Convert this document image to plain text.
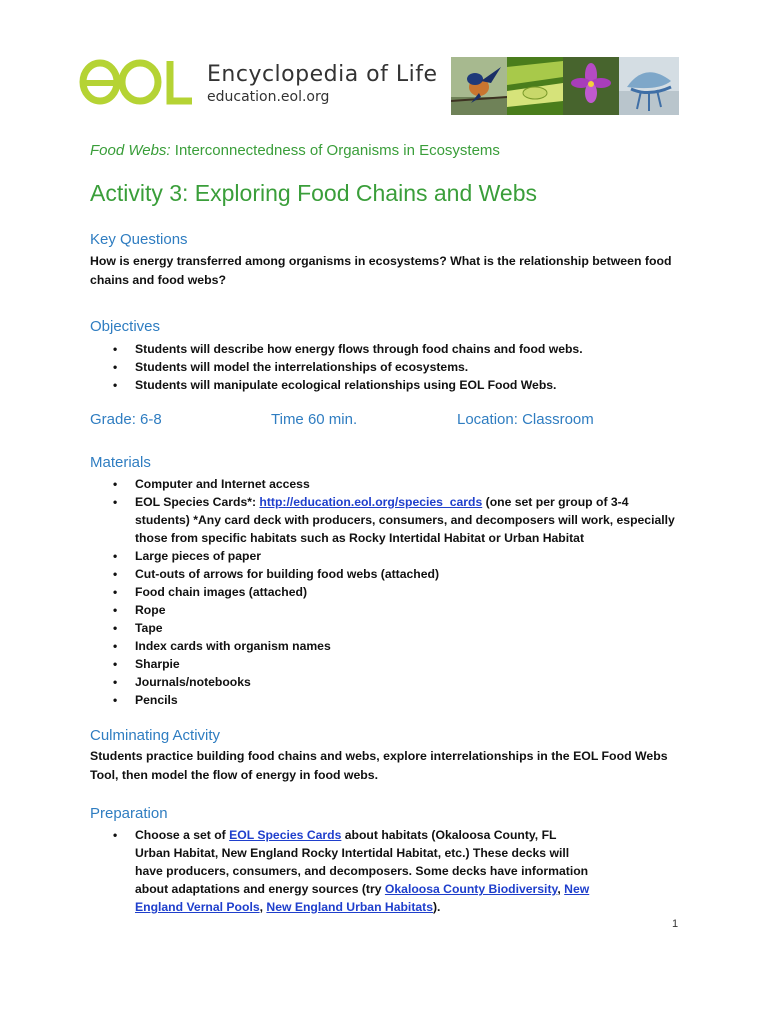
Encyclopedia of Life
education.eol.org
Food Webs: Interconnectedness of Organisms in Ecosystems
Activity 3: Exploring Food Chains and Webs
Key Questions
How is energy transferred among organisms in ecosystems? What is the relationship between food chains and food webs?
Objectives
• Students will describe how energy flows through food chains and food webs.
• Students will model the interrelationships of ecosystems.
• Students will manipulate ecological relationships using EOL Food Webs.
Grade: 6-8	Time 60 min.	Location: Classroom
Materials
• Computer and Internet access
• EOL Species Cards*: http://education.eol.org/species_cards (one set per group of 3-4 students) *Any card deck with producers, consumers, and decomposers will work, especially those from specific habitats such as Rocky Intertidal Habitat or Urban Habitat
• Large pieces of paper
• Cut-outs of arrows for building food webs (attached)
• Food chain images (attached)
• Rope
• Tape
• Index cards with organism names
• Sharpie
• Journals/notebooks
• Pencils
Culminating Activity
Students practice building food chains and webs, explore interrelationships in the EOL Food Webs Tool, then model the flow of energy in food webs.
Preparation
• Choose a set of EOL Species Cards about habitats (Okaloosa County, FL Urban Habitat, New England Rocky Intertidal Habitat, etc.) These decks will have producers, consumers, and decomposers. Some decks have information about adaptations and energy sources (try Okaloosa County Biodiversity, New England Vernal Pools, New England Urban Habitats).
1
